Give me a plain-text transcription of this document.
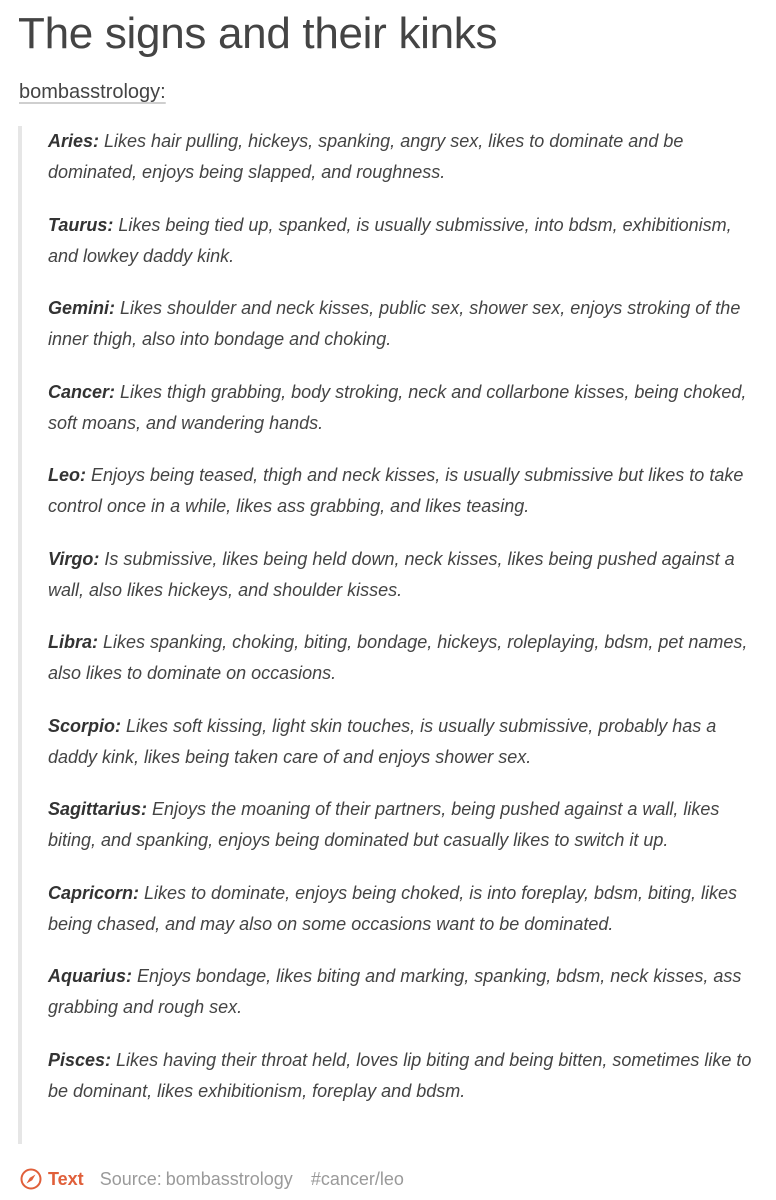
The signs and their kinks
bombasstrology:

Aries: Likes hair pulling, hickeys, spanking, angry sex, likes to dominate and be dominated, enjoys being slapped, and roughness.

Taurus: Likes being tied up, spanked, is usually submissive, into bdsm, exhibitionism, and lowkey daddy kink.

Gemini: Likes shoulder and neck kisses, public sex, shower sex, enjoys stroking of the inner thigh, also into bondage and choking.

Cancer: Likes thigh grabbing, body stroking, neck and collarbone kisses, being choked, soft moans, and wandering hands.

Leo: Enjoys being teased, thigh and neck kisses, is usually submissive but likes to take control once in a while, likes ass grabbing, and likes teasing.

Virgo: Is submissive, likes being held down, neck kisses, likes being pushed against a wall, also likes hickeys, and shoulder kisses.

Libra: Likes spanking, choking, biting, bondage, hickeys, roleplaying, bdsm, pet names, also likes to dominate on occasions.

Scorpio: Likes soft kissing, light skin touches, is usually submissive, probably has a daddy kink, likes being taken care of and enjoys shower sex.

Sagittarius: Enjoys the moaning of their partners, being pushed against a wall, likes biting, and spanking, enjoys being dominated but casually likes to switch it up.

Capricorn: Likes to dominate, enjoys being choked, is into foreplay, bdsm, biting, likes being chased, and may also on some occasions want to be dominated.

Aquarius: Enjoys bondage, likes biting and marking, spanking, bdsm, neck kisses, ass grabbing and rough sex.

Pisces: Likes having their throat held, loves lip biting and being bitten, sometimes like to be dominant, likes exhibitionism, foreplay and bdsm.

Text Source: bombasstrology #cancer/leo
